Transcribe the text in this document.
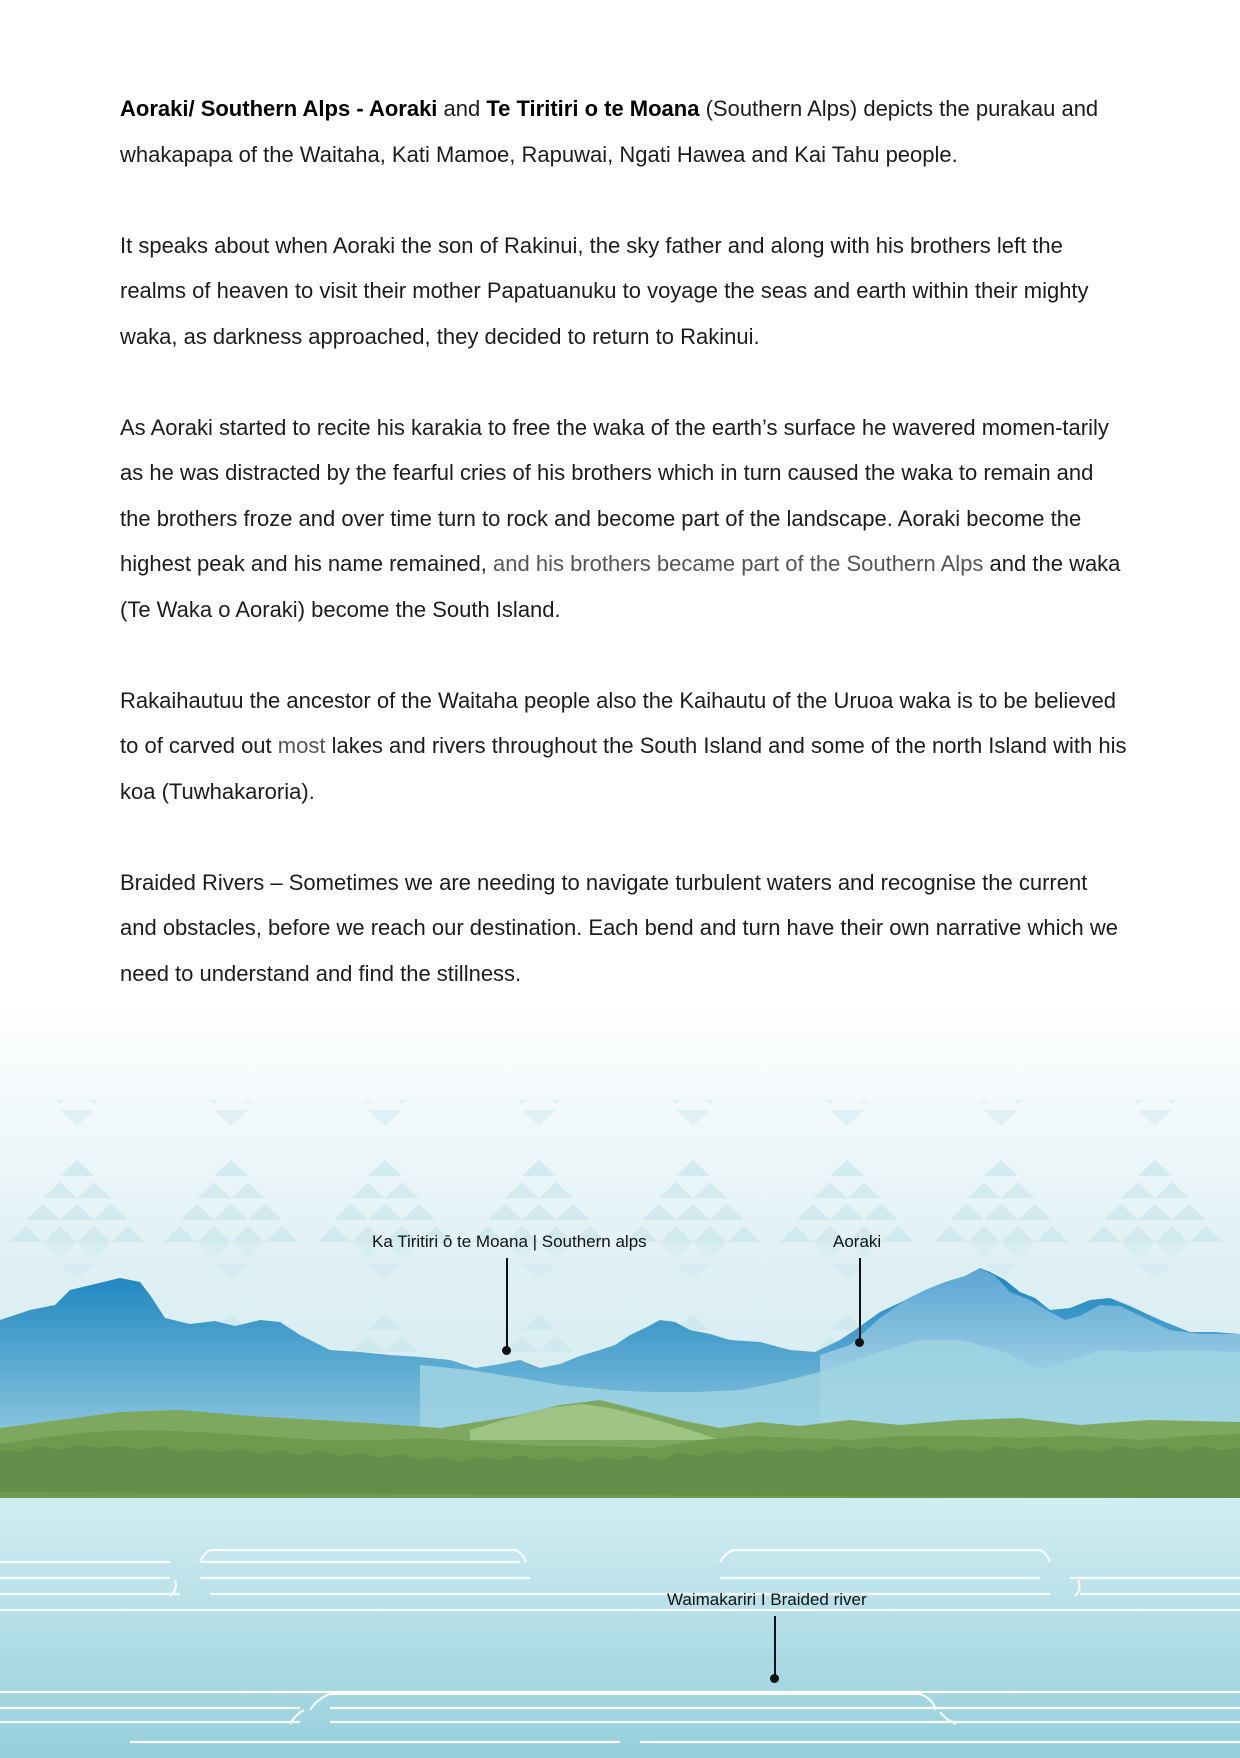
Aoraki/ Southern Alps - Aoraki and Te Tiritiri o te Moana (Southern Alps) depicts the purakau and whakapapa of the Waitaha, Kati Mamoe, Rapuwai, Ngati Hawea and Kai Tahu people.

It speaks about when Aoraki the son of Rakinui, the sky father and along with his brothers left the realms of heaven to visit their mother Papatuanuku to voyage the seas and earth within their mighty waka, as darkness approached, they decided to return to Rakinui.

As Aoraki started to recite his karakia to free the waka of the earth’s surface he wavered momen-tarily as he was distracted by the fearful cries of his brothers which in turn caused the waka to remain and the brothers froze and over time turn to rock and become part of the landscape. Aoraki become the highest peak and his name remained, and his brothers became part of the Southern Alps and the waka (Te Waka o Aoraki) become the South Island.

Rakaihautuu the ancestor of the Waitaha people also the Kaihautu of the Uruoa waka is to be believed to of carved out most lakes and rivers throughout the South Island and some of the north Island with his koa (Tuwhakaroria).

Braided Rivers – Sometimes we are needing to navigate turbulent waters and recognise the current and obstacles, before we reach our destination. Each bend and turn have their own narrative which we need to understand and find the stillness.

Ka Tiritiri ō te Moana | Southern alps	Aoraki
Waimakariri I Braided river
